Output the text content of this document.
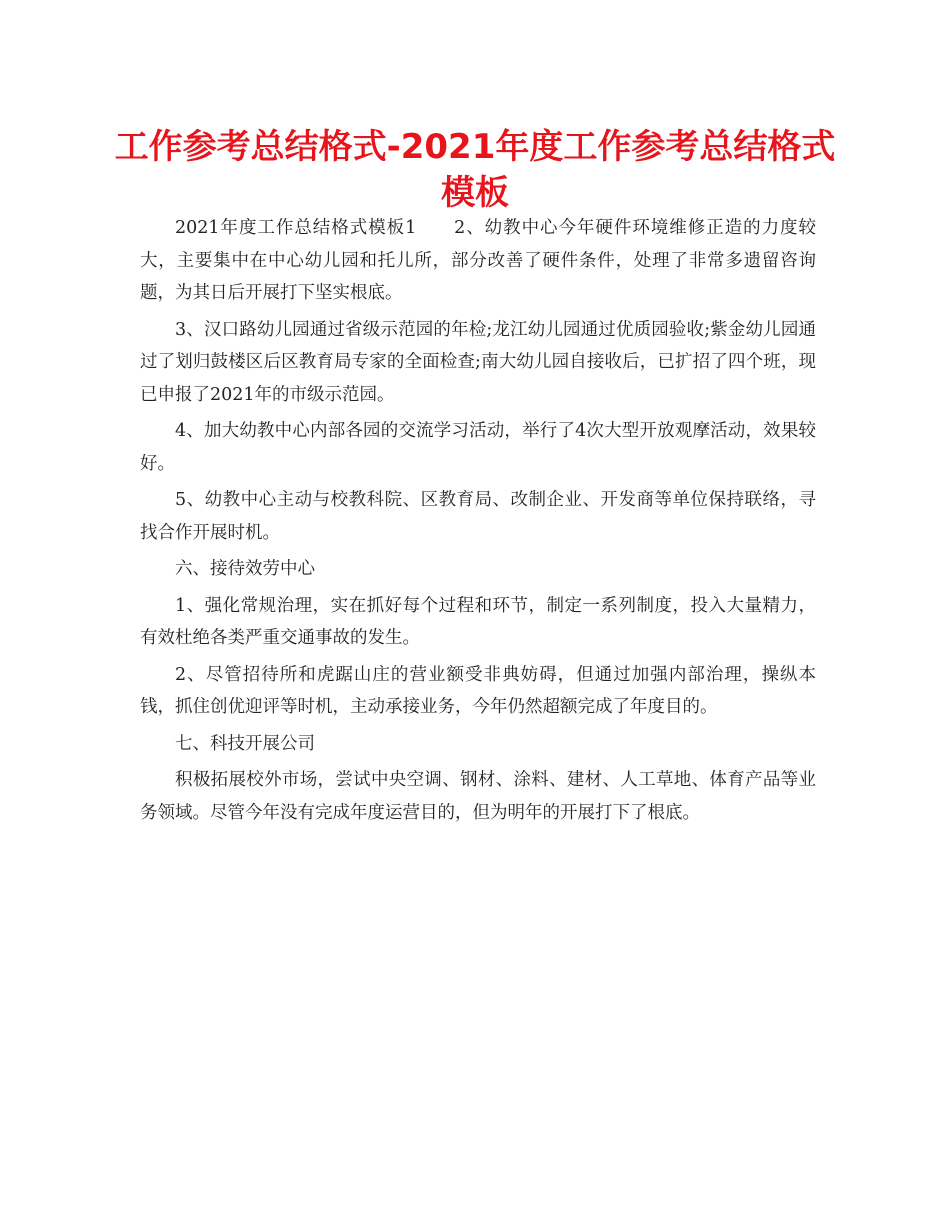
工作参考总结格式-2021年度工作参考总结格式模板

2021年度工作总结格式模板1　　2、幼教中心今年硬件环境维修正造的力度较大，主要集中在中心幼儿园和托儿所，部分改善了硬件条件，处理了非常多遗留咨询题，为其日后开展打下坚实根底。

3、汉口路幼儿园通过省级示范园的年检;龙江幼儿园通过优质园验收;紫金幼儿园通过了划归鼓楼区后区教育局专家的全面检查;南大幼儿园自接收后，已扩招了四个班，现已申报了2021年的市级示范园。

4、加大幼教中心内部各园的交流学习活动，举行了4次大型开放观摩活动，效果较好。

5、幼教中心主动与校教科院、区教育局、改制企业、开发商等单位保持联络，寻找合作开展时机。

六、接待效劳中心

1、强化常规治理，实在抓好每个过程和环节，制定一系列制度，投入大量精力，有效杜绝各类严重交通事故的发生。

2、尽管招待所和虎踞山庄的营业额受非典妨碍，但通过加强内部治理，操纵本钱，抓住创优迎评等时机，主动承接业务，今年仍然超额完成了年度目的。

七、科技开展公司

积极拓展校外市场，尝试中央空调、钢材、涂料、建材、人工草地、体育产品等业务领域。尽管今年没有完成年度运营目的，但为明年的开展打下了根底。
